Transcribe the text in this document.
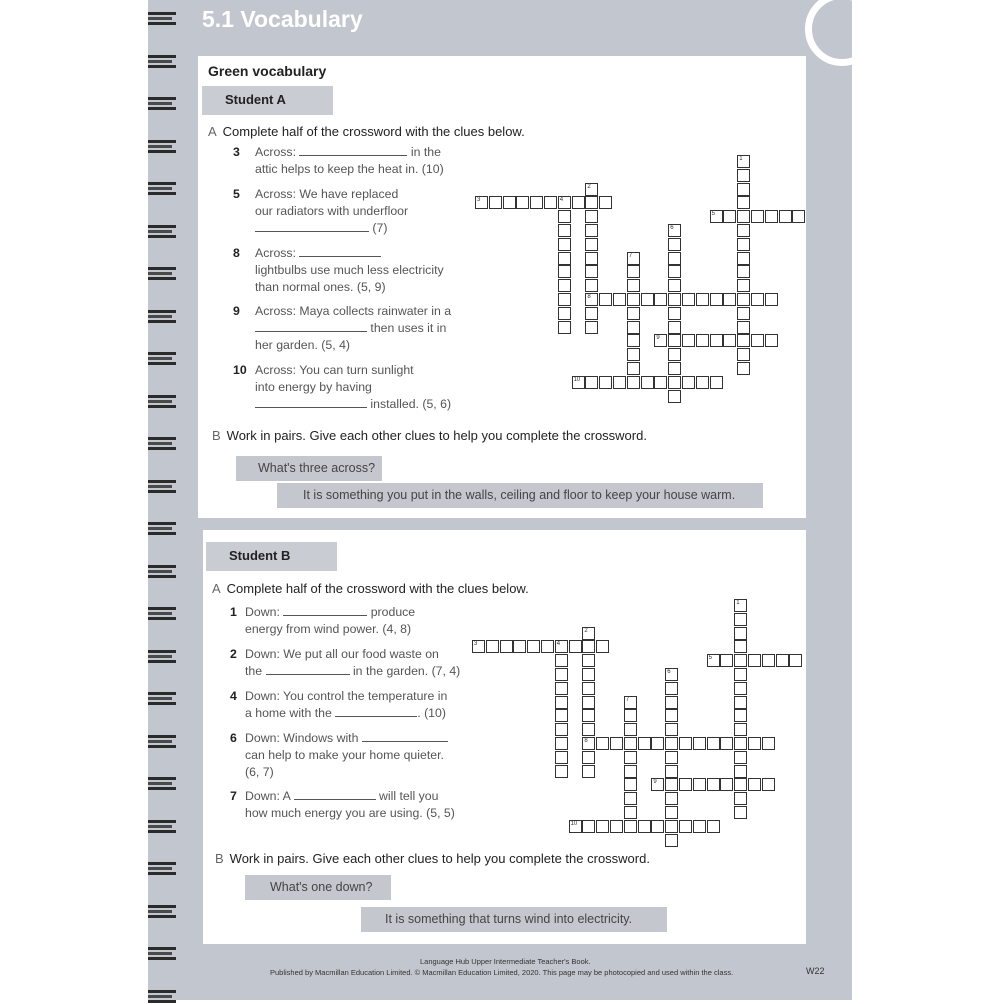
5.1 Vocabulary
Green vocabulary
Student A
A Complete half of the crossword with the clues below.
3 Across:	in the
attic helps to keep the heat in. (10)
5 Across: We have replaced
our radiators with underfloor
(7)
8 Across:
lightbulbs use much less electricity
than normal ones. (5, 9)
9 Across: Maya collects rainwater in a
then uses it in
her garden. (5, 4)
10 Across: You can turn sunlight
into energy by having
installed. (5, 6)
1
2
8
3	4
5
6
7
9
10
B Work in pairs. Give each other clues to help you complete the crossword.
What's three across?
It is something you put in the walls, ceiling and floor to keep your house warm.
Student B
A Complete half of the crossword with the clues below.
1 Down:	produce
energy from wind power. (4, 8)
2 Down: We put all our food waste on
the	in the garden. (7, 4)
4 Down: You control the temperature in
a home with the	. (10)
6 Down: Windows with
can help to make your home quieter.
(6, 7)
7 Down: A	will tell you
how much energy you are using. (5, 5)
1
2
8
3	4
5
6
7
9
10
B Work in pairs. Give each other clues to help you complete the crossword.
What's one down?
It is something that turns wind into electricity.
Language Hub Upper Intermediate Teacher's Book.
Published by Macmillan Education Limited. © Macmillan Education Limited, 2020. This page may be photocopied and used within the class.	W22
